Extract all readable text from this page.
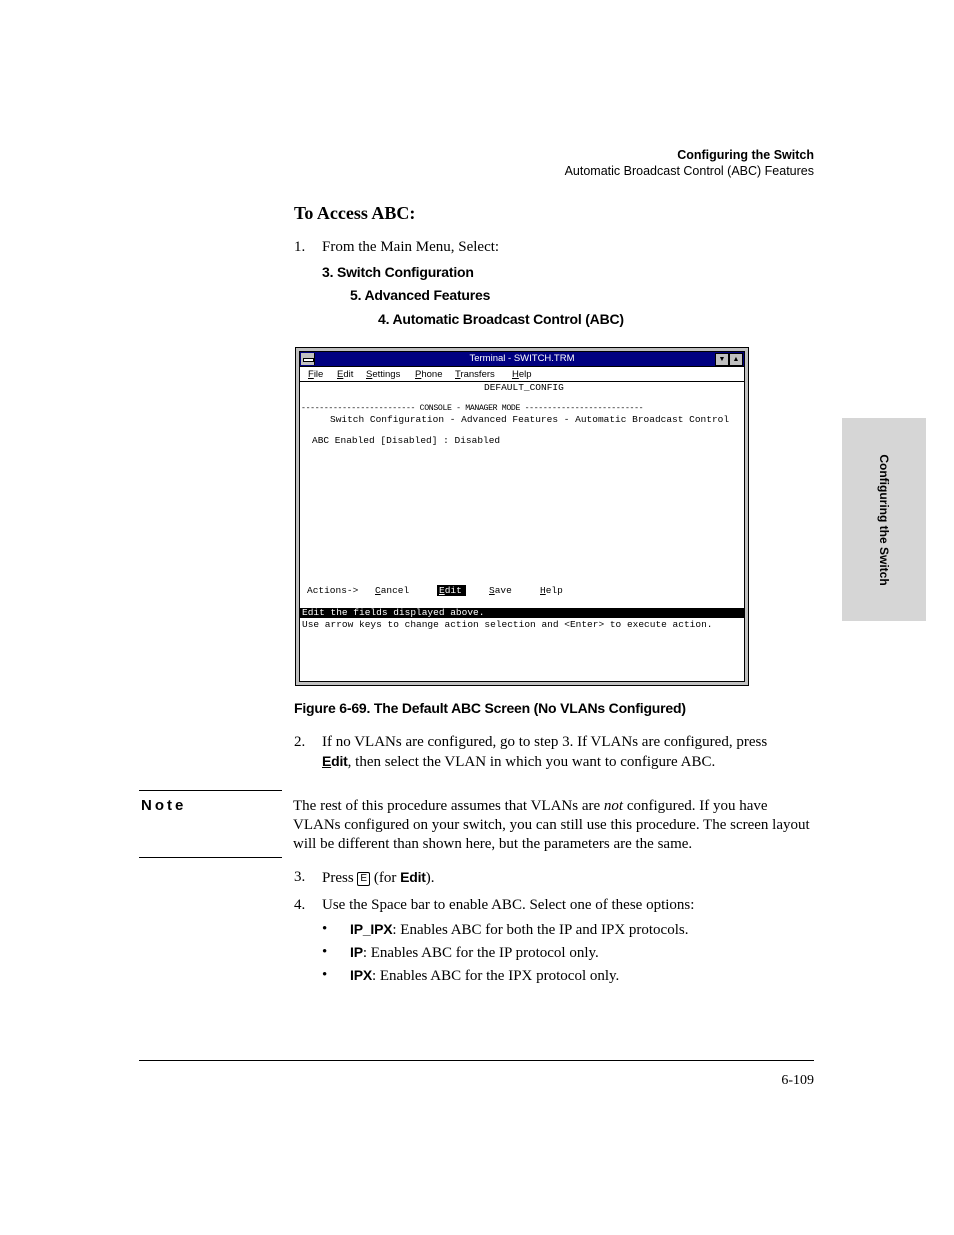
Configuring the Switch
Automatic Broadcast Control (ABC) Features
Configuring the Switch
To Access ABC:
1. From the Main Menu, Select:
3. Switch Configuration
5. Advanced Features
4. Automatic Broadcast Control (ABC)
Terminal - SWITCH.TRM	▼	▲
File Edit Settings Phone Transfers Help
DEFAULT_CONFIG
------------------------- CONSOLE - MANAGER MODE --------------------------
Switch Configuration - Advanced Features - Automatic Broadcast Control
ABC Enabled [Disabled] : Disabled
Actions-> Cancel	Edit	Save	Help
Edit the fields displayed above.
Use arrow keys to change action selection and <Enter> to execute action.
Figure 6-69. The Default ABC Screen (No VLANs Configured)
2. If no VLANs are configured, go to step 3. If VLANs are configured, press
Edit, then select the VLAN in which you want to configure ABC.
Note	The rest of this procedure assumes that VLANs are not configured. If you have VLANs configured on your switch, you can still use this procedure. The screen layout will be different than shown here, but the parameters are the same.
3. Press E (for Edit).
4. Use the Space bar to enable ABC. Select one of these options:
• IP_IPX: Enables ABC for both the IP and IPX protocols.
• IP: Enables ABC for the IP protocol only.
• IPX: Enables ABC for the IPX protocol only.
6-109
